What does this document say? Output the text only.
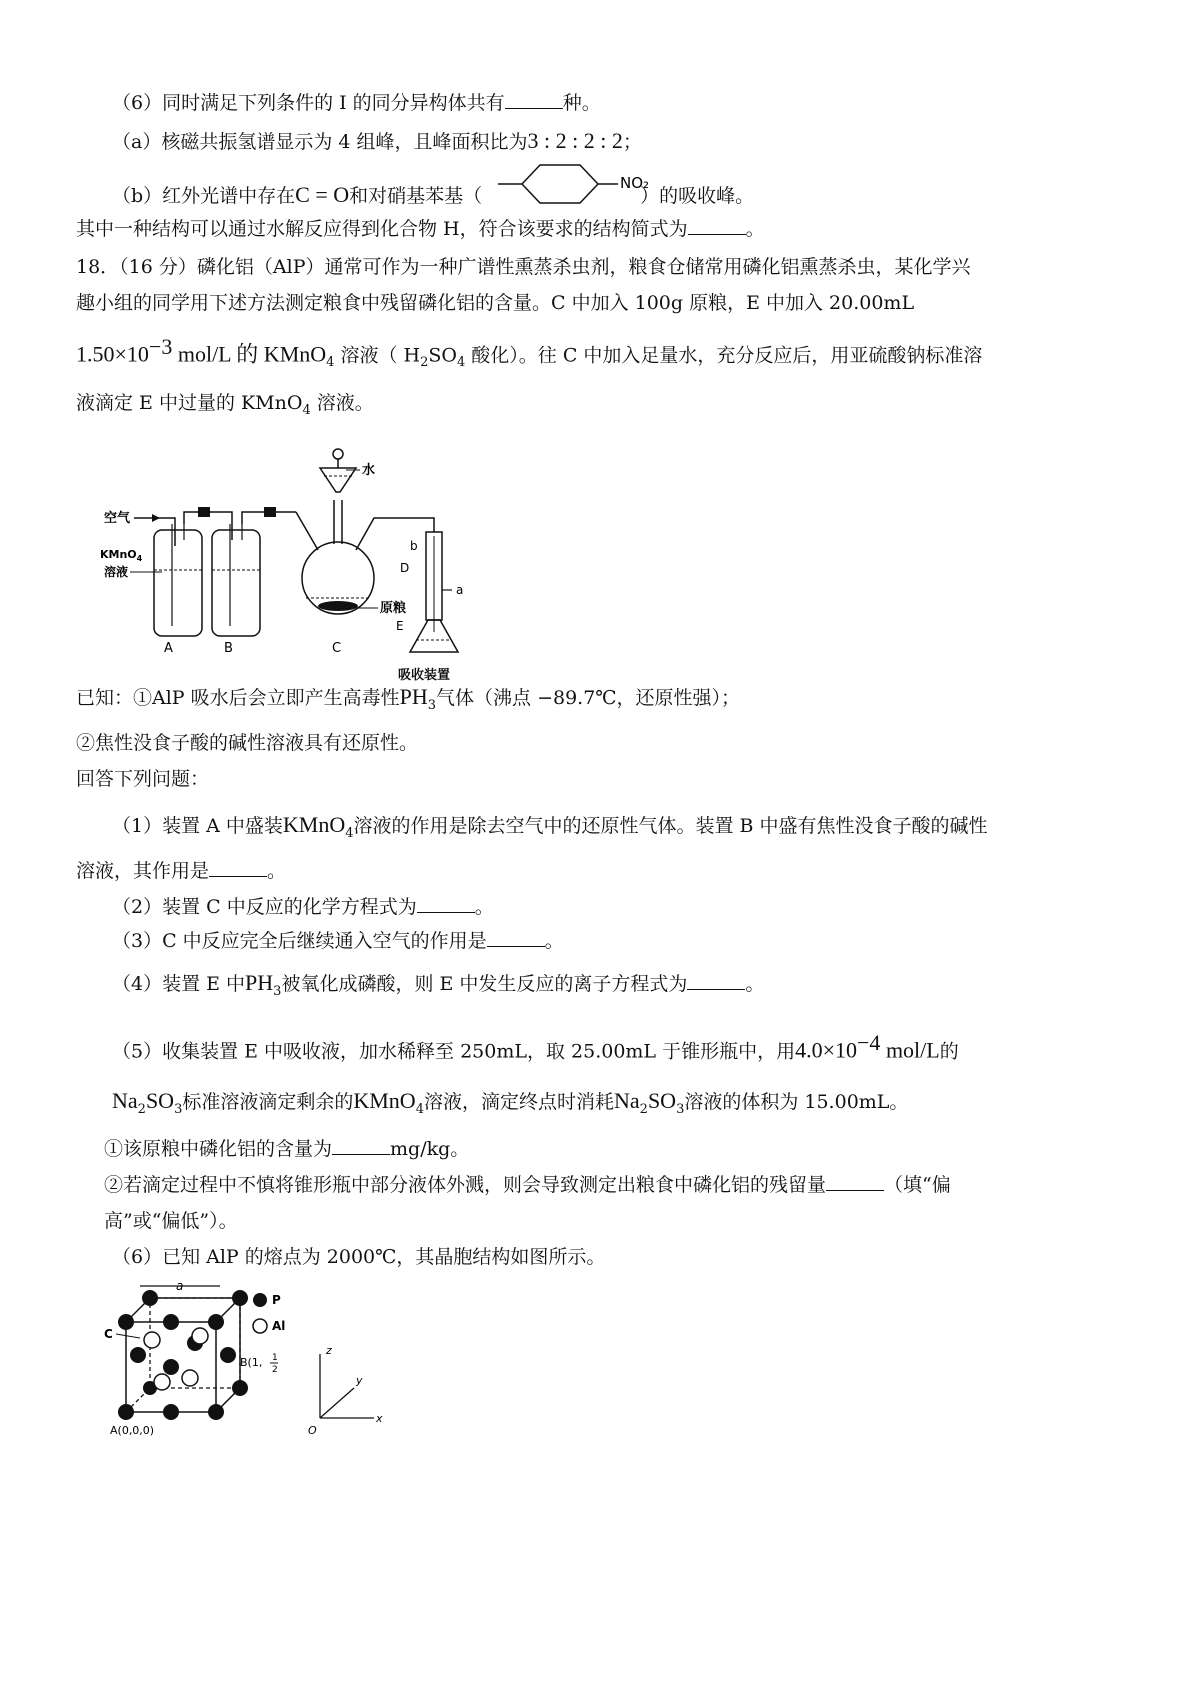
（6）同时满足下列条件的 I 的同分异构体共有	种。
（a）核磁共振氢谱显示为 4 组峰，且峰面积比为3 : 2 : 2 : 2；
（b）红外光谱中存在C = O和对硝基苯基（	）的吸收峰。
NO₂
其中一种结构可以通过水解反应得到化合物 H，符合该要求的结构简式为	。
18．（16 分）磷化铝（AlP）通常可作为一种广谱性熏蒸杀虫剂，粮食仓储常用磷化铝熏蒸杀虫，某化学兴
趣小组的同学用下述方法测定粮食中残留磷化铝的含量。C 中加入 100g 原粮，E 中加入 20.00mL
$1.50\times 10^{-3}$ mol/L 的 KMnO$_4$ 溶液（ $H_2SO_4$ 酸化）。往 C 中加入足量水，充分反应后，用亚硫酸钠标准溶
液滴定 E 中过量的 KMnO$_4$ 溶液。
空气
KMnO$_4$
溶液
A	B
水
原粮
C
b
D
a
E
吸收装置
已知：①AlP 吸水后会立即产生高毒性$PH_3$气体（沸点 −89.7℃，还原性强）；
②焦性没食子酸的碱性溶液具有还原性。
回答下列问题：
（1）装置 A 中盛装KMnO$_4$溶液的作用是除去空气中的还原性气体。装置 B 中盛有焦性没食子酸的碱性
溶液，其作用是	。
（2）装置 C 中反应的化学方程式为	。
（3）C 中反应完全后继续通入空气的作用是	。
（4）装置 E 中$PH_3$被氧化成磷酸，则 E 中发生反应的离子方程式为	。
（5）收集装置 E 中吸收液，加水稀释至 250mL，取 25.00mL 于锥形瓶中，用$4.0\times 10^{-4}$ mol/L的
$Na_2SO_3$标准溶液滴定剩余的KMnO$_4$溶液，滴定终点时消耗$Na_2SO_3$溶液的体积为 15.00mL。
①该原粮中磷化铝的含量为	mg/kg。
②若滴定过程中不慎将锥形瓶中部分液体外溅，则会导致测定出粮食中磷化铝的残留量	（填“偏
高”或“偏低”）。
（6）已知 AlP 的熔点为 2000℃，其晶胞结构如图所示。
a
C
A(0,0,0)
B(1, 1
2
P
Al
z
y
x
O
